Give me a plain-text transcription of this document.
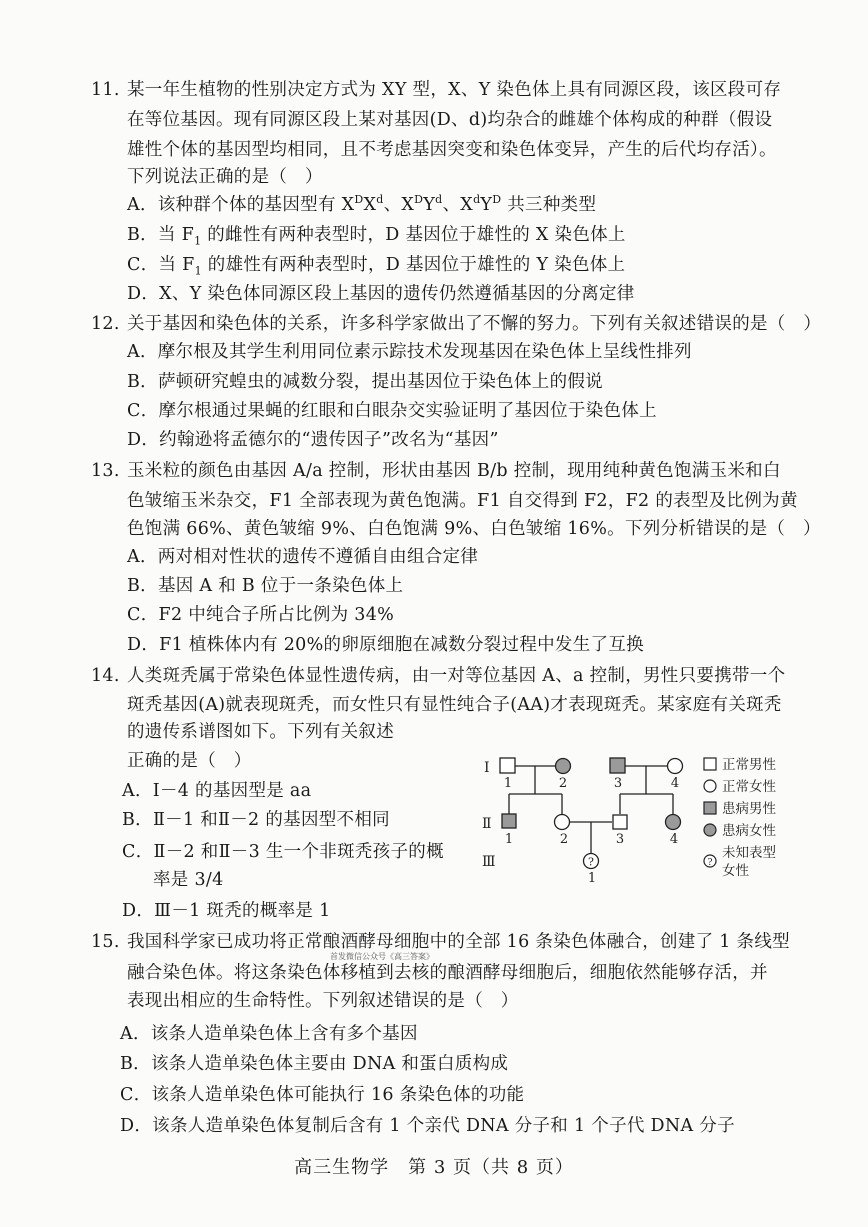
11. 某一年生植物的性别决定方式为 XY 型，X、Y 染色体上具有同源区段，该区段可存
在等位基因。现有同源区段上某对基因(D、d)均杂合的雌雄个体构成的种群（假设
雄性个体的基因型均相同，且不考虑基因突变和染色体变异，产生的后代均存活）。
下列说法正确的是（　）
A．该种群个体的基因型有 $X^DX^d$、$X^DY^d$、$X^dY^D$ 共三种类型
B．当 $F_1$ 的雌性有两种表型时，D 基因位于雄性的 X 染色体上
C．当 $F_1$ 的雄性有两种表型时，D 基因位于雄性的 Y 染色体上
D．X、Y 染色体同源区段上基因的遗传仍然遵循基因的分离定律
12. 关于基因和染色体的关系，许多科学家做出了不懈的努力。下列有关叙述错误的是（　）
A．摩尔根及其学生利用同位素示踪技术发现基因在染色体上呈线性排列
B．萨顿研究蝗虫的减数分裂，提出基因位于染色体上的假说
C．摩尔根通过果蝇的红眼和白眼杂交实验证明了基因位于染色体上
D．约翰逊将孟德尔的“遗传因子”改名为“基因”
13. 玉米粒的颜色由基因 A/a 控制，形状由基因 B/b 控制，现用纯种黄色饱满玉米和白
色皱缩玉米杂交，F1 全部表现为黄色饱满。F1 自交得到 F2，F2 的表型及比例为黄
色饱满 66%、黄色皱缩 9%、白色饱满 9%、白色皱缩 16%。下列分析错误的是（　）
A．两对相对性状的遗传不遵循自由组合定律
B．基因 A 和 B 位于一条染色体上
C．F2 中纯合子所占比例为 34%
D．F1 植株体内有 20%的卵原细胞在减数分裂过程中发生了互换
14. 人类斑秃属于常染色体显性遗传病，由一对等位基因 A、a 控制，男性只要携带一个
斑秃基因(A)就表现斑秃，而女性只有显性纯合子(AA)才表现斑秃。某家庭有关斑秃
的遗传系谱图如下。下列有关叙述
正确的是（　）
A．Ⅰ－4 的基因型是 aa
B．Ⅱ－1 和Ⅱ－2 的基因型不相同
C．Ⅱ－2 和Ⅱ－3 生一个非斑秃孩子的概
率是 3/4
D．Ⅲ－1 斑秃的概率是 1
?
Ⅰ
Ⅱ
Ⅲ
1	2	3	4
1	2	3	4
1
正常男性
正常女性
患病男性
患病女性
?
未知表型
女性
15. 我国科学家已成功将正常酿酒酵母细胞中的全部 16 条染色体融合，创建了 1 条线型
首发微信公众号《高三答案》
融合染色体。将这条染色体移植到去核的酿酒酵母细胞后，细胞依然能够存活，并
表现出相应的生命特性。下列叙述错误的是（　）
A．该条人造单染色体上含有多个基因
B．该条人造单染色体主要由 DNA 和蛋白质构成
C．该条人造单染色体可能执行 16 条染色体的功能
D．该条人造单染色体复制后含有 1 个亲代 DNA 分子和 1 个子代 DNA 分子
高三生物学　第 3 页（共 8 页）
